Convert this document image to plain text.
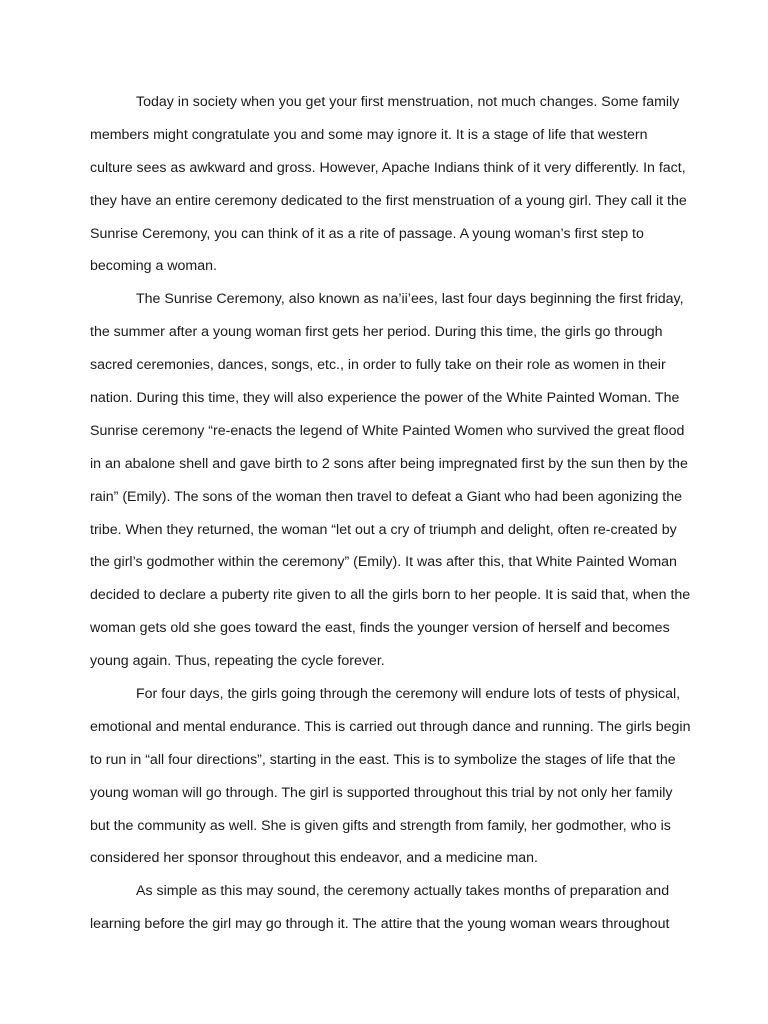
Today in society when you get your first menstruation, not much changes. Some family
members might congratulate you and some may ignore it. It is a stage of life that western
culture sees as awkward and gross. However, Apache Indians think of it very differently. In fact,
they have an entire ceremony dedicated to the first menstruation of a young girl. They call it the
Sunrise Ceremony, you can think of it as a rite of passage. A young woman’s first step to
becoming a woman.
The Sunrise Ceremony, also known as na’ii’ees, last four days beginning the first friday,
the summer after a young woman first gets her period. During this time, the girls go through
sacred ceremonies, dances, songs, etc., in order to fully take on their role as women in their
nation. During this time, they will also experience the power of the White Painted Woman. The
Sunrise ceremony “re-enacts the legend of White Painted Women who survived the great flood
in an abalone shell and gave birth to 2 sons after being impregnated first by the sun then by the
rain” (Emily). The sons of the woman then travel to defeat a Giant who had been agonizing the
tribe. When they returned, the woman “let out a cry of triumph and delight, often re-created by
the girl’s godmother within the ceremony” (Emily). It was after this, that White Painted Woman
decided to declare a puberty rite given to all the girls born to her people. It is said that, when the
woman gets old she goes toward the east, finds the younger version of herself and becomes
young again. Thus, repeating the cycle forever.
For four days, the girls going through the ceremony will endure lots of tests of physical,
emotional and mental endurance. This is carried out through dance and running. The girls begin
to run in “all four directions”, starting in the east. This is to symbolize the stages of life that the
young woman will go through. The girl is supported throughout this trial by not only her family
but the community as well. She is given gifts and strength from family, her godmother, who is
considered her sponsor throughout this endeavor, and a medicine man.
As simple as this may sound, the ceremony actually takes months of preparation and
learning before the girl may go through it. The attire that the young woman wears throughout
